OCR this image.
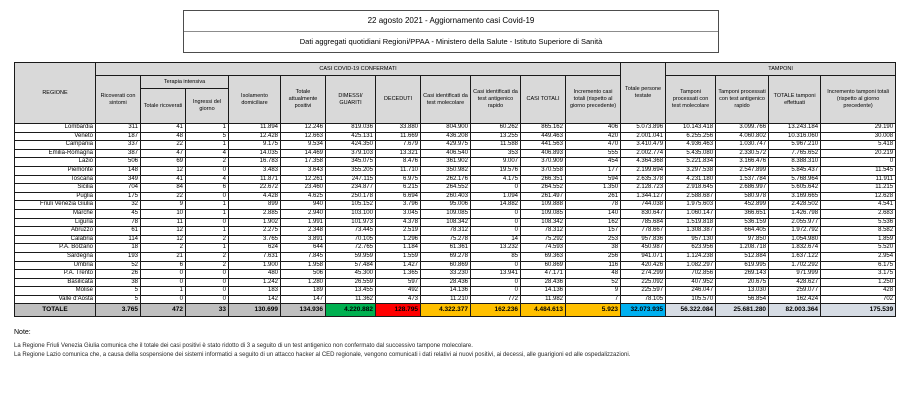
22 agosto 2021 - Aggiornamento casi Covid-19
Dati aggregati quotidiani Regioni/PPAA - Ministero della Salute - Istituto Superiore di Sanità
REGIONE	CASI COVID-19 CONFERMATI											Totale persone testate	TAMPONI			
	Ricoverati con sintomi	Terapia intensiva		Isolamento domiciliare	Totale attualmente positivi	DIMESSI/ GUARITI	DECEDUTI	Casi identificati da test molecolare	Casi identificati da test antigenico rapido	CASI TOTALI	Incremento casi totali (rispetto al giorno precedente)		Tamponi processati con test molecolare	Tamponi processati con test antigenico rapido	TOTALE tamponi effettuati	Incremento tamponi totali (rispetto al giorno precedente)
		Totale ricoverati	Ingressi del giorno													
Lombardia	311	41	1	11.894	12.246	819.036	33.880	804.900	60.262	865.162	406	5.073.896	10.143.418	3.099.766	13.243.184	29.190
Veneto	187	48	5	12.428	12.663	425.131	11.669	436.208	13.255	449.463	420	2.001.041	6.255.256	4.060.802	10.316.060	30.008
Campania	337	22	1	9.175	9.534	424.350	7.679	429.975	11.588	441.563	470	3.410.479	4.936.463	1.030.747	5.967.210	5.418
Emilia-Romagna	387	47	4	14.035	14.469	379.103	13.321	406.540	353	406.893	555	2.002.774	5.435.080	2.330.572	7.765.652	20.219
Lazio	506	69	2	16.783	17.358	345.075	8.476	361.902	9.007	370.909	454	4.364.368	5.221.834	3.166.476	8.388.310	0
Piemonte	148	12	0	3.483	3.643	355.205	11.710	350.982	19.576	370.558	177	2.199.694	3.297.538	2.547.899	5.845.437	11.545
Toscana	349	41	4	11.871	12.261	247.115	6.975	262.176	4.175	266.351	594	2.635.378	4.231.180	1.537.784	5.768.964	11.911
Sicilia	704	84	6	22.672	23.460	234.877	6.215	264.552	0	264.552	1.350	2.128.723	2.918.645	2.686.997	5.605.642	11.215
Puglia	175	22	0	4.428	4.625	250.178	6.694	260.403	1.094	261.497	261	1.344.127	2.588.687	580.978	3.169.665	12.628
Friuli Venezia Giulia	32	9	1	899	940	105.152	3.796	95.006	14.882	109.888	78	744.038	1.975.603	452.899	2.428.502	4.541
Marche	45	10	1	2.885	2.940	103.100	3.045	109.085	0	109.085	140	830.647	1.060.147	366.651	1.426.798	2.683
Liguria	78	11	0	1.902	1.991	101.973	4.378	108.342	0	108.342	162	785.684	1.519.818	536.159	2.055.977	5.536
Abruzzo	61	12	1	2.275	2.348	73.445	2.519	78.312	0	78.312	157	778.667	1.308.387	664.405	1.972.792	8.582
Calabria	114	12	2	3.765	3.891	70.105	1.296	75.278	14	75.292	253	957.836	957.130	97.850	1.054.980	1.859
P.A. Bolzano	18	2	1	624	644	72.765	1.184	61.361	13.232	74.593	38	450.987	623.956	1.208.718	1.832.674	5.520
Sardegna	193	21	2	7.631	7.845	59.959	1.559	69.278	85	69.363	256	941.071	1.124.238	512.884	1.637.122	2.954
Umbria	52	6	2	1.900	1.958	57.484	1.427	60.869	0	60.869	116	420.426	1.082.297	619.995	1.702.292	6.175
P.A. Trento	26	0	0	480	506	45.300	1.365	33.230	13.941	47.171	48	274.299	702.856	269.143	971.999	3.175
Basilicata	38	0	0	1.242	1.280	26.559	597	28.436	0	28.436	52	225.092	407.952	20.675	428.627	1.250
Molise	5	1	0	183	189	13.455	492	14.136	0	14.136	9	225.597	246.047	13.030	259.077	428
Valle d'Aosta	5	0	0	142	147	11.362	473	11.210	772	11.982	7	78.105	105.570	56.854	162.424	702
TOTALE	3.765	472	33	130.699	134.936	4.220.882	128.795	4.322.377	162.236	4.484.613	5.923	32.073.935	56.322.084	25.681.280	82.003.364	175.539
Note:
La Regione Friuli Venezia Giulia comunica che il totale dei casi positivi è stato ridotto di 3 a seguito di un test antigenico non confermato dal successivo tampone molecolare.
La Regione Lazio comunica che, a causa della sospensione dei sistemi informatici a seguito di un attacco hacker al CED regionale, vengono comunicati i dati relativi ai nuovi positivi, ai decessi, alle guarigioni ed alle ospedalizzazioni.
